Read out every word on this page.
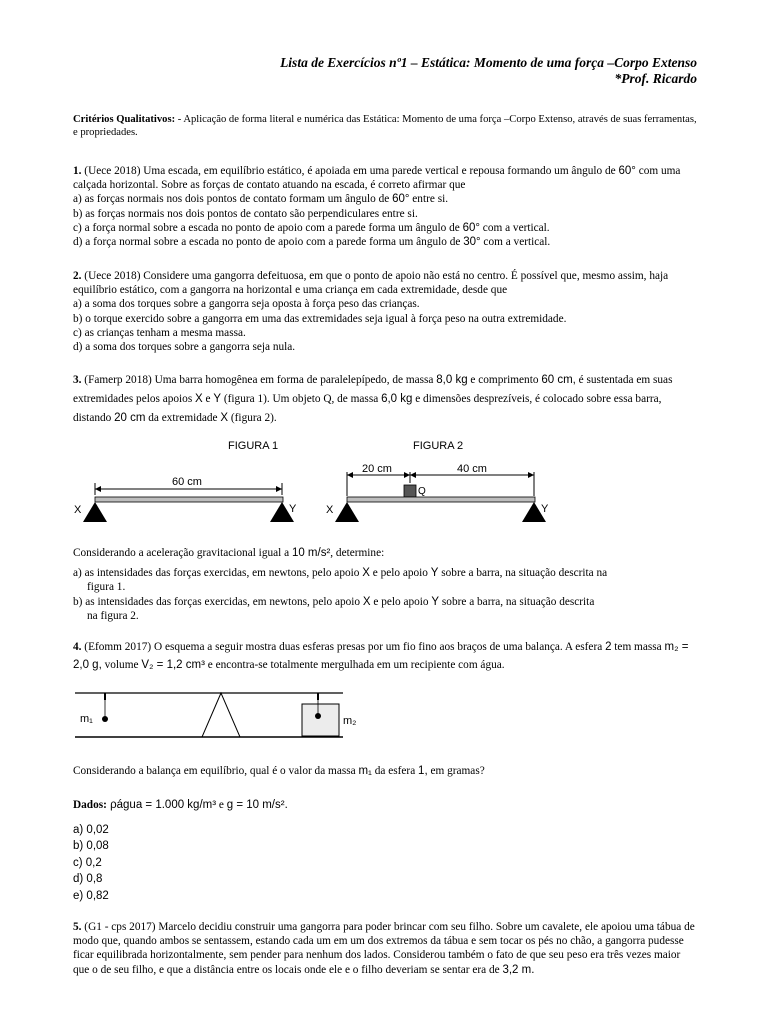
Lista de Exercícios nº1 – Estática: Momento de uma força –Corpo Extenso
*Prof. Ricardo
Critérios Qualitativos: - Aplicação de forma literal e numérica das Estática: Momento de uma força –Corpo Extenso, através de suas ferramentas, e propriedades.
1. (Uece 2018) Uma escada, em equilíbrio estático, é apoiada em uma parede vertical e repousa formando um ângulo de 60° com uma calçada horizontal. Sobre as forças de contato atuando na escada, é correto afirmar que
a) as forças normais nos dois pontos de contato formam um ângulo de 60° entre si.
b) as forças normais nos dois pontos de contato são perpendiculares entre si.
c) a força normal sobre a escada no ponto de apoio com a parede forma um ângulo de 60° com a vertical.
d) a força normal sobre a escada no ponto de apoio com a parede forma um ângulo de 30° com a vertical.
2. (Uece 2018) Considere uma gangorra defeituosa, em que o ponto de apoio não está no centro. É possível que, mesmo assim, haja equilíbrio estático, com a gangorra na horizontal e uma criança em cada extremidade, desde que
a) a soma dos torques sobre a gangorra seja oposta à força peso das crianças.
b) o torque exercido sobre a gangorra em uma das extremidades seja igual à força peso na outra extremidade.
c) as crianças tenham a mesma massa.
d) a soma dos torques sobre a gangorra seja nula.
3. (Famerp 2018) Uma barra homogênea em forma de paralelepípedo, de massa 8,0 kg e comprimento 60 cm, é sustentada em suas extremidades pelos apoios X e Y (figura 1). Um objeto Q, de massa 6,0 kg e dimensões desprezíveis, é colocado sobre essa barra, distando 20 cm da extremidade X (figura 2).
FIGURA 1
60 cm
X	Y
FIGURA 2
20 cm	40 cm
Q
X	Y
Considerando a aceleração gravitacional igual a 10 m/s², determine:
a) as intensidades das forças exercidas, em newtons, pelo apoio X e pelo apoio Y sobre a barra, na situação descrita na
figura 1.
b) as intensidades das forças exercidas, em newtons, pelo apoio X e pelo apoio Y sobre a barra, na situação descrita
na figura 2.
4. (Efomm 2017) O esquema a seguir mostra duas esferas presas por um fio fino aos braços de uma balança. A esfera 2 tem massa m₂ = 2,0 g, volume V₂ = 1,2 cm³ e encontra-se totalmente mergulhada em um recipiente com água.
m₁	m₂
Considerando a balança em equilíbrio, qual é o valor da massa m₁ da esfera 1, em gramas?
Dados: ρágua = 1.000 kg/m³ e g = 10 m/s².
a) 0,02
b) 0,08
c) 0,2
d) 0,8
e) 0,82
5. (G1 - cps 2017) Marcelo decidiu construir uma gangorra para poder brincar com seu filho. Sobre um cavalete, ele apoiou uma tábua de modo que, quando ambos se sentassem, estando cada um em um dos extremos da tábua e sem tocar os pés no chão, a gangorra pudesse ficar equilibrada horizontalmente, sem pender para nenhum dos lados. Considerou também o fato de que seu peso era três vezes maior que o de seu filho, e que a distância entre os locais onde ele e o filho deveriam se sentar era de 3,2 m.
